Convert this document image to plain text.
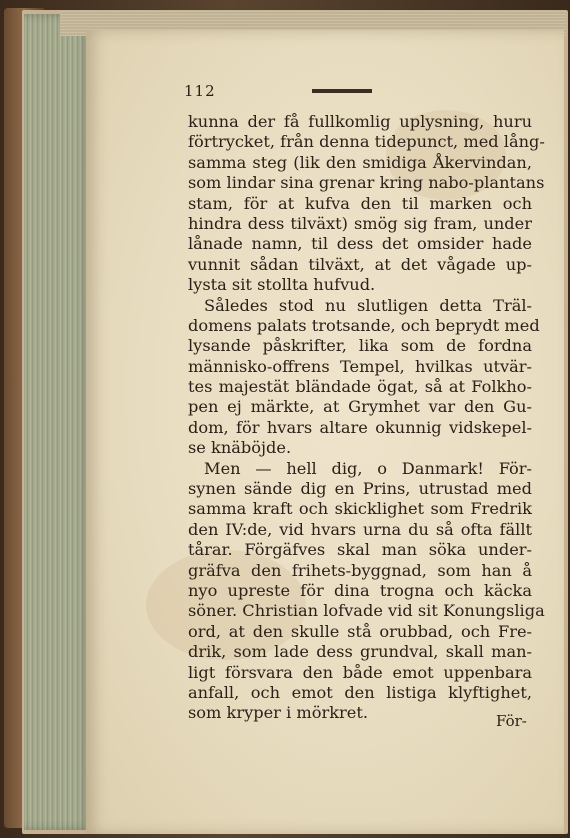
112
kunna der få fullkomlig uplysning, huru
förtrycket, från denna tidepunct, med lång-
samma steg (lik den smidiga Åkervindan,
som lindar sina grenar kring nabo-plantans
stam, för at kufva den til marken och
hindra dess tilväxt) smög sig fram, under
lånade namn, til dess det omsider hade
vunnit sådan tilväxt, at det vågade up-
lysta sit stollta hufvud.
Således stod nu slutligen detta Träl-
domens palats trotsande, och beprydt med
lysande påskrifter, lika som de fordna
människo-offrens Tempel, hvilkas utvär-
tes majestät bländade ögat, så at Folkho-
pen ej märkte, at Grymhet var den Gu-
dom, för hvars altare okunnig vidskepel-
se knäböjde.
Men — hell dig, o Danmark! För-
synen sände dig en Prins, utrustad med
samma kraft och skicklighet som Fredrik
den IV:de, vid hvars urna du så ofta fällt
tårar. Förgäfves skal man söka under-
gräfva den frihets-byggnad, som han å
nyo uprestе för dina trogna och käcka
söner. Christian lofvade vid sit Konungsliga
ord, at den skulle stå orubbad, och Fre-
drik, som lade dess grundval, skall man-
ligt försvara den både emot uppenbara
anfall, och emot den listiga klyftighet,
som kryper i mörkret.	För-
